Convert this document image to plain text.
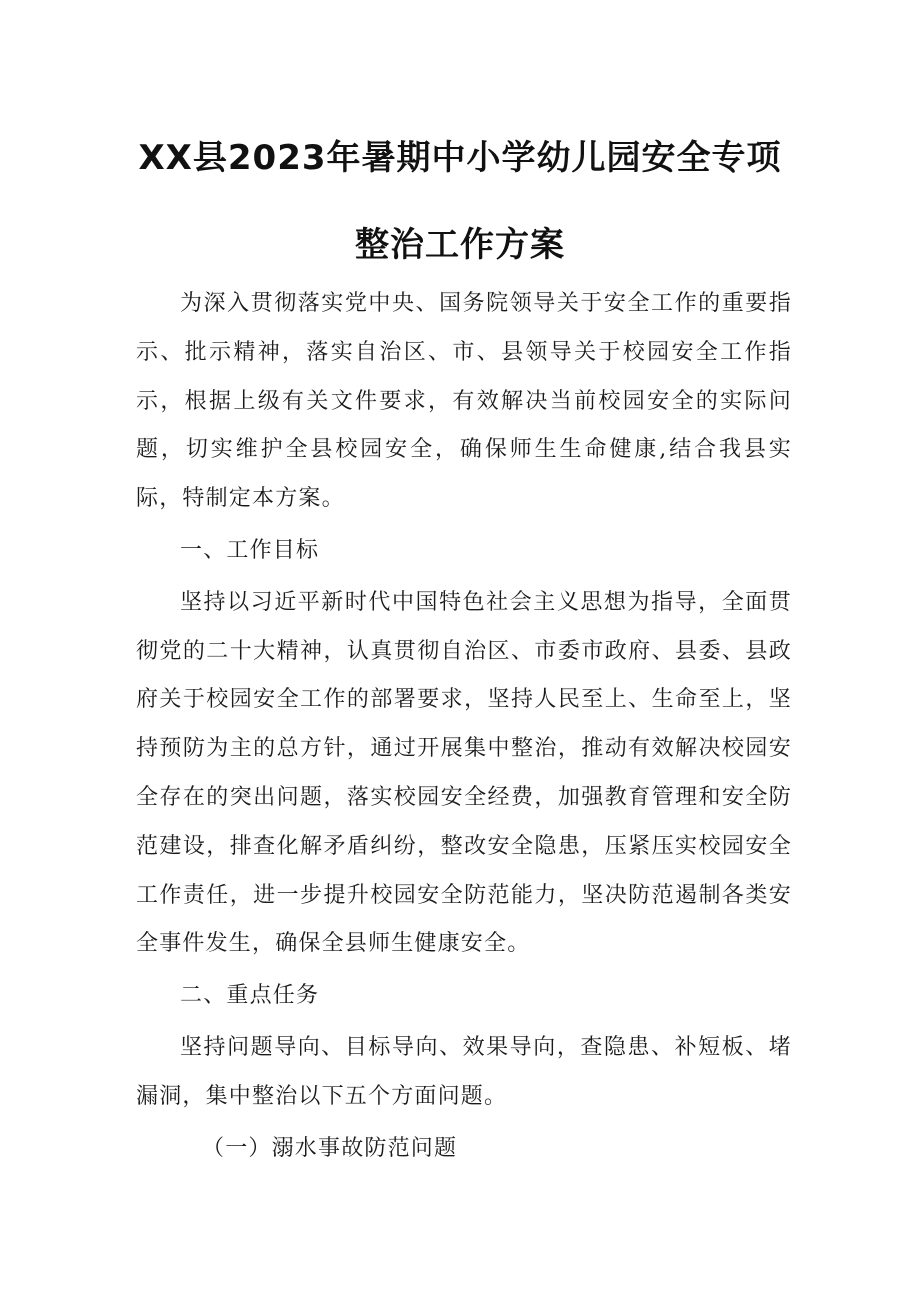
XX县2023年暑期中小学幼儿园安全专项
整治工作方案

为深入贯彻落实党中央、国务院领导关于安全工作的重要指示、批示精神，落实自治区、市、县领导关于校园安全工作指示，根据上级有关文件要求，有效解决当前校园安全的实际问题，切实维护全县校园安全，确保师生生命健康,结合我县实际，特制定本方案。

一、工作目标

坚持以习近平新时代中国特色社会主义思想为指导，全面贯彻党的二十大精神，认真贯彻自治区、市委市政府、县委、县政府关于校园安全工作的部署要求，坚持人民至上、生命至上，坚持预防为主的总方针，通过开展集中整治，推动有效解决校园安全存在的突出问题，落实校园安全经费，加强教育管理和安全防范建设，排查化解矛盾纠纷，整改安全隐患，压紧压实校园安全工作责任，进一步提升校园安全防范能力，坚决防范遏制各类安全事件发生，确保全县师生健康安全。

二、重点任务

坚持问题导向、目标导向、效果导向，查隐患、补短板、堵漏洞，集中整治以下五个方面问题。

（一）溺水事故防范问题
